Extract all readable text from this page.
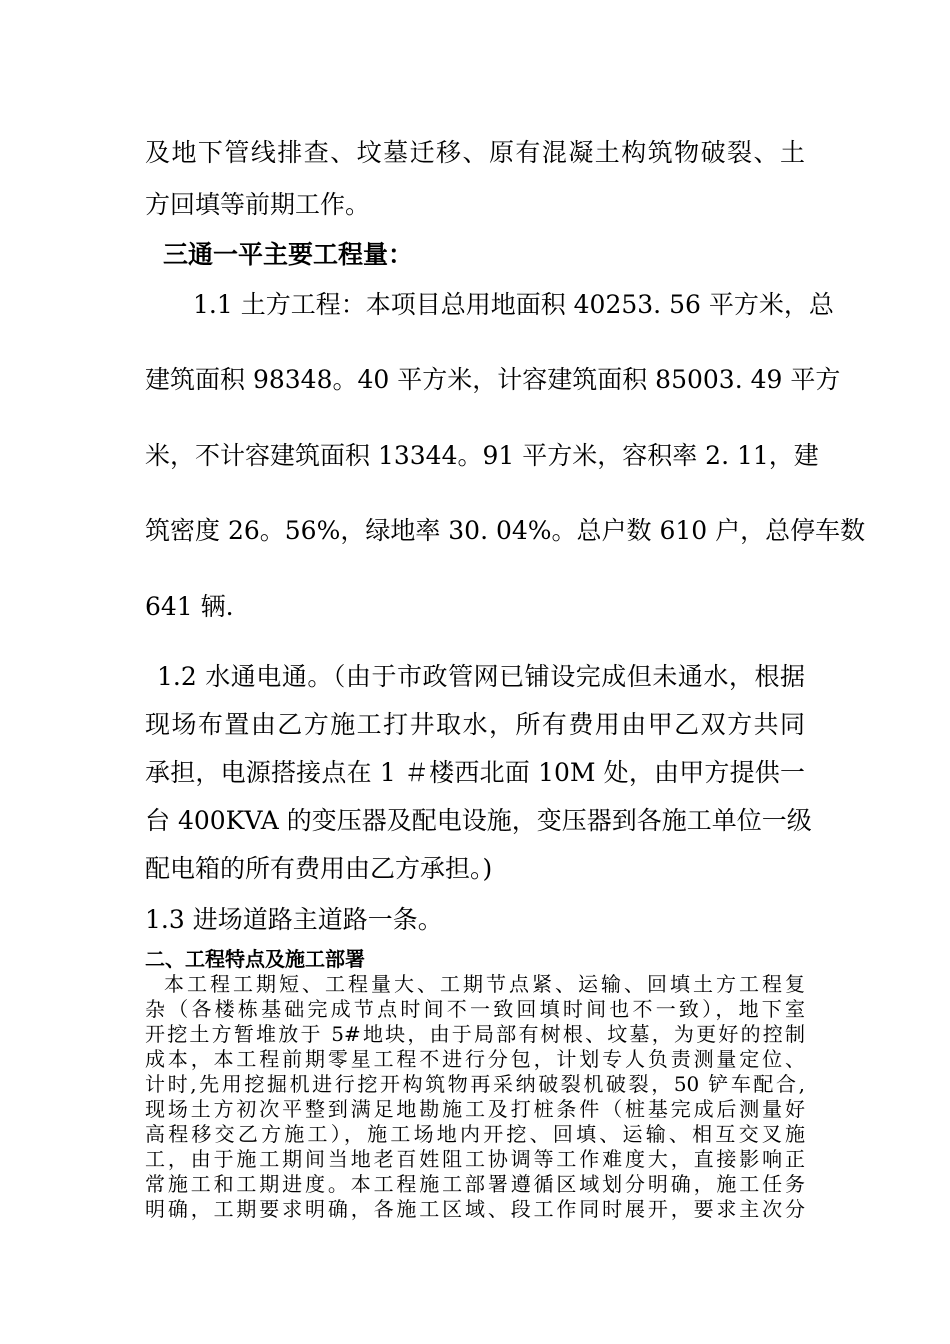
及地下管线排查、坟墓迁移、原有混凝土构筑物破裂、土
方回填等前期工作。
三通一平主要工程量：
1.1 土方工程：本项目总用地面积 40253. 56 平方米，总
建筑面积 98348。40 平方米，计容建筑面积 85003. 49 平方
米，不计容建筑面积 13344。91 平方米，容积率 2. 11，建
筑密度 26。56%，绿地率 30. 04%。总户数 610 户，总停车数
641 辆.
1.2 水通电通。（由于市政管网已铺设完成但未通水，根据
现场布置由乙方施工打井取水，所有费用由甲乙双方共同
承担，电源搭接点在 1 ＃楼西北面 10M 处，由甲方提供一
台 400KVA 的变压器及配电设施，变压器到各施工单位一级
配电箱的所有费用由乙方承担。)
1.3 进场道路主道路一条。
二、工程特点及施工部署
本工程工期短、工程量大、工期节点紧、运输、回填土方工程复
杂（各楼栋基础完成节点时间不一致回填时间也不一致），地下室
开挖土方暂堆放于 5#地块，由于局部有树根、坟墓，为更好的控制
成本，本工程前期零星工程不进行分包，计划专人负责测量定位、
计时,先用挖掘机进行挖开构筑物再采纳破裂机破裂，50 铲车配合,
现场土方初次平整到满足地勘施工及打桩条件（桩基完成后测量好
高程移交乙方施工），施工场地内开挖、回填、运输、相互交叉施
工，由于施工期间当地老百姓阻工协调等工作难度大，直接影响正
常施工和工期进度。本工程施工部署遵循区域划分明确，施工任务
明确，工期要求明确，各施工区域、段工作同时展开，要求主次分
